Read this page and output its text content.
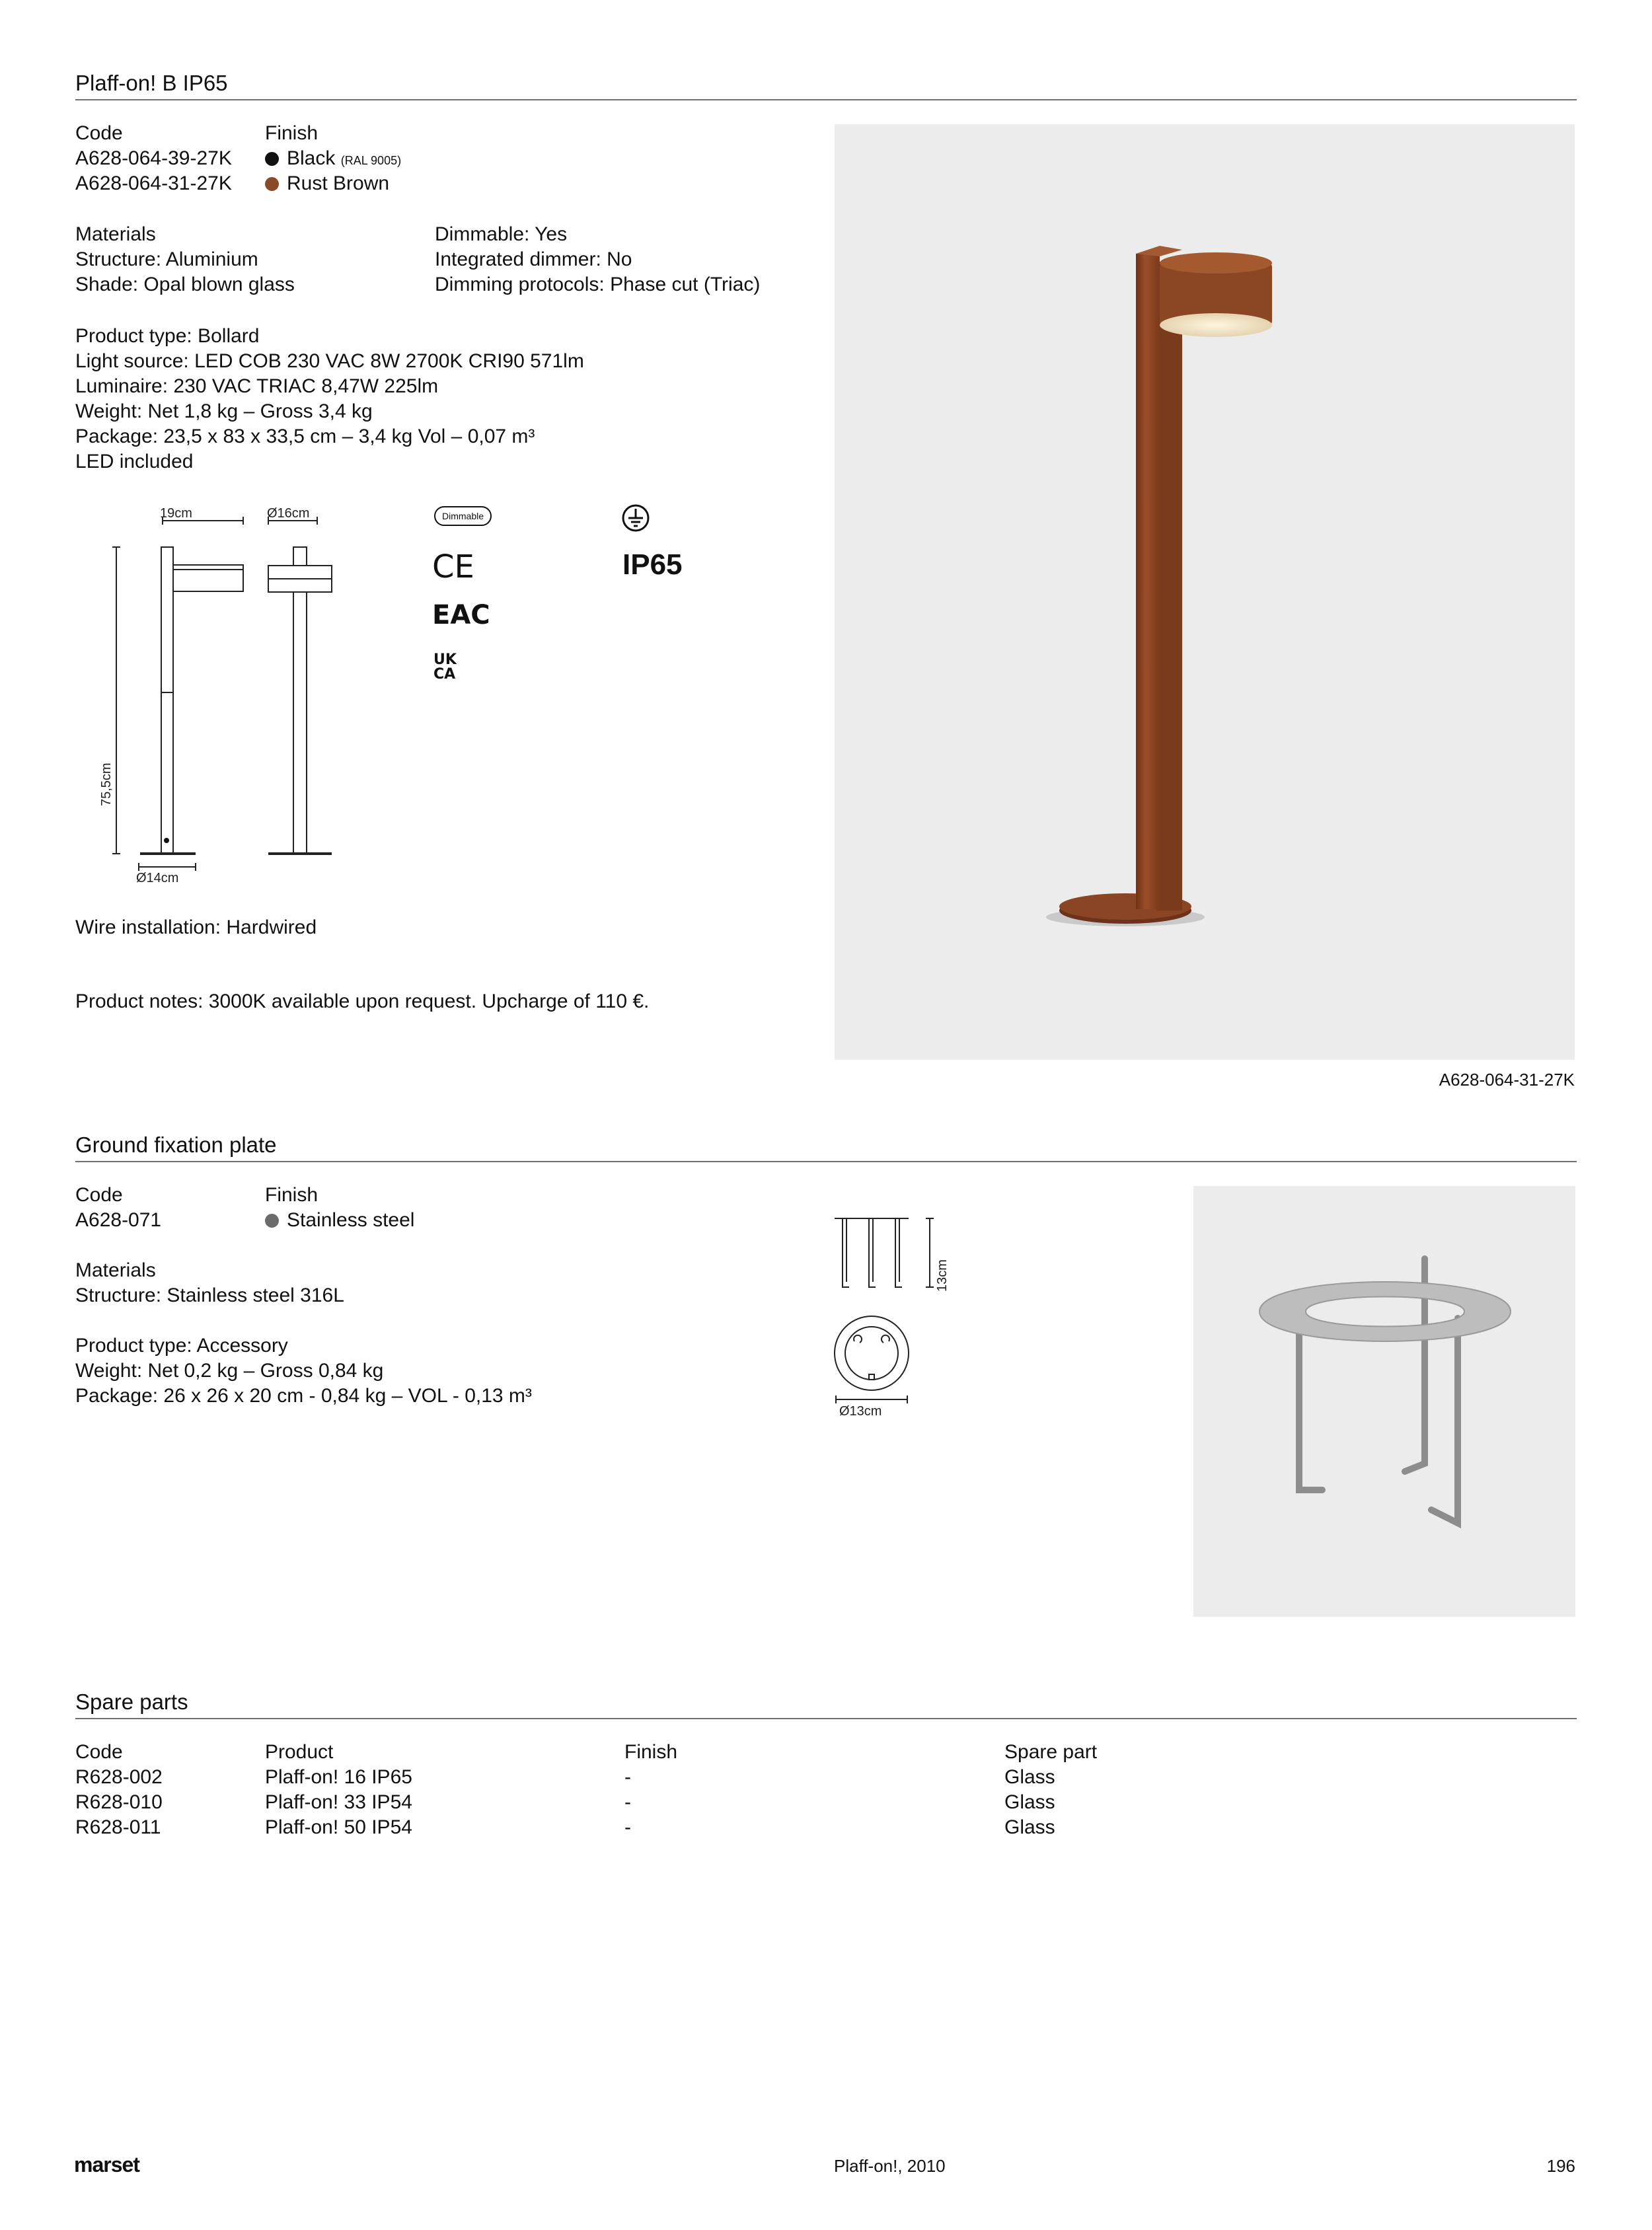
Plaff-on! B IP65
Code	Finish
A628-064-39-27K	Black (RAL 9005)
A628-064-31-27K	Rust Brown
Materials
Structure: Aluminium
Shade: Opal blown glass
Dimmable: Yes
Integrated dimmer: No
Dimming protocols: Phase cut (Triac)
Product type: Bollard
Light source: LED COB 230 VAC 8W 2700K CRI90 571lm
Luminaire: 230 VAC TRIAC 8,47W 225lm
Weight: Net 1,8 kg – Gross 3,4 kg
Package: 23,5 x 83 x 33,5 cm – 3,4 kg Vol – 0,07 m³
LED included
19cm	Ø16cm
75,5cm
Ø14cm
Dimmable
CE	IP65
EAC
UK
CA
Wire installation: Hardwired
Product notes: 3000K available upon request. Upcharge of 110 €.
A628-064-31-27K
Ground fixation plate
Code	Finish
A628-071	Stainless steel
Materials
Structure: Stainless steel 316L
Product type: Accessory
Weight: Net 0,2 kg – Gross 0,84 kg
Package: 26 x 26 x 20 cm - 0,84 kg – VOL - 0,13 m³
13cm
Ø13cm
Spare parts
Code	Product	Finish	Spare part
R628-002	Plaff-on! 16 IP65	-	Glass
R628-010	Plaff-on! 33 IP54	-	Glass
R628-011	Plaff-on! 50 IP54	-	Glass
marset	Plaff-on!, 2010	196
